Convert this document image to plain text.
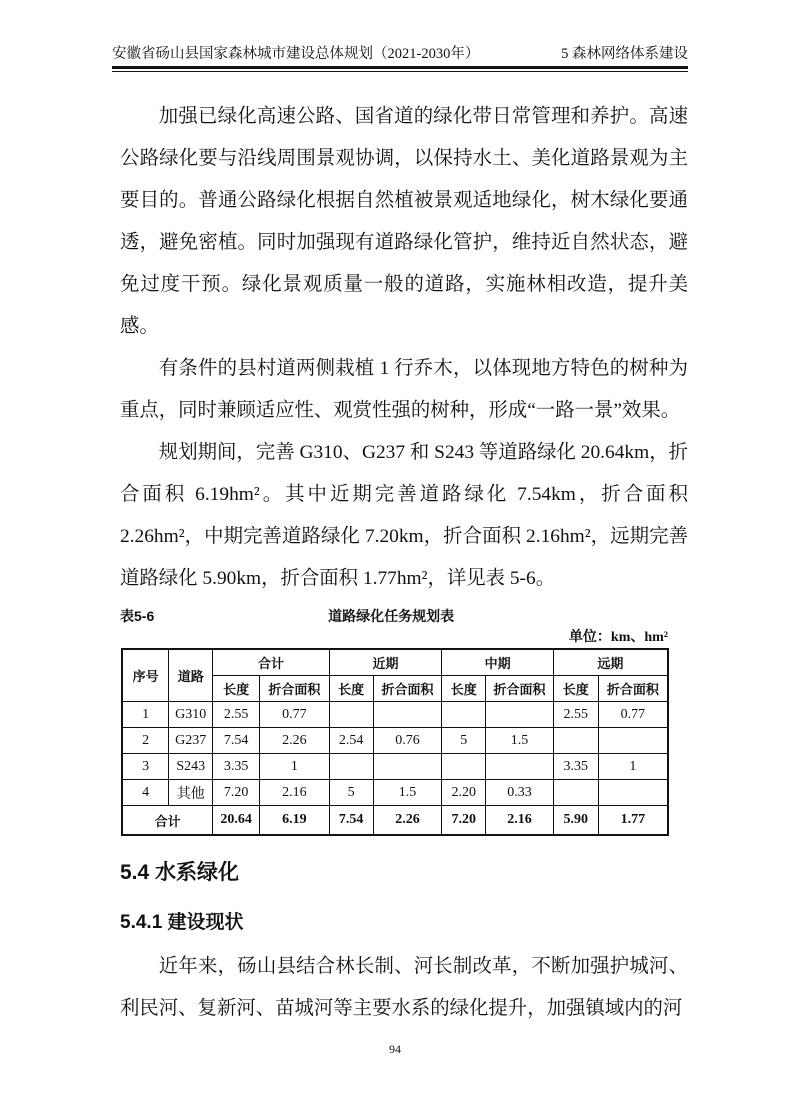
安徽省砀山县国家森林城市建设总体规划（2021-2030年）	5 森林网络体系建设

加强已绿化高速公路、国省道的绿化带日常管理和养护。高速公路绿化要与沿线周围景观协调，以保持水土、美化道路景观为主要目的。普通公路绿化根据自然植被景观适地绿化，树木绿化要通透，避免密植。同时加强现有道路绿化管护，维持近自然状态，避免过度干预。绿化景观质量一般的道路，实施林相改造，提升美感。

有条件的县村道两侧栽植 1 行乔木，以体现地方特色的树种为重点，同时兼顾适应性、观赏性强的树种，形成“一路一景”效果。

规划期间，完善 G310、G237 和 S243 等道路绿化 20.64km，折合面积 6.19hm²。其中近期完善道路绿化 7.54km，折合面积 2.26hm²，中期完善道路绿化 7.20km，折合面积 2.16hm²，远期完善道路绿化 5.90km，折合面积 1.77hm²，详见表 5-6。

表5-6	道路绿化任务规划表
单位：km、hm²
序号	道路	合计		近期		中期		远期	
		长度	折合面积	长度	折合面积	长度	折合面积	长度	折合面积
1	G310	2.55	0.77					2.55	0.77
2	G237	7.54	2.26	2.54	0.76	5	1.5		
3	S243	3.35	1					3.35	1
4	其他	7.20	2.16	5	1.5	2.20	0.33		
合计		20.64	6.19	7.54	2.26	7.20	2.16	5.90	1.77
5.4 水系绿化
5.4.1 建设现状

近年来，砀山县结合林长制、河长制改革，不断加强护城河、利民河、复新河、苗城河等主要水系的绿化提升，加强镇域内的河

94
